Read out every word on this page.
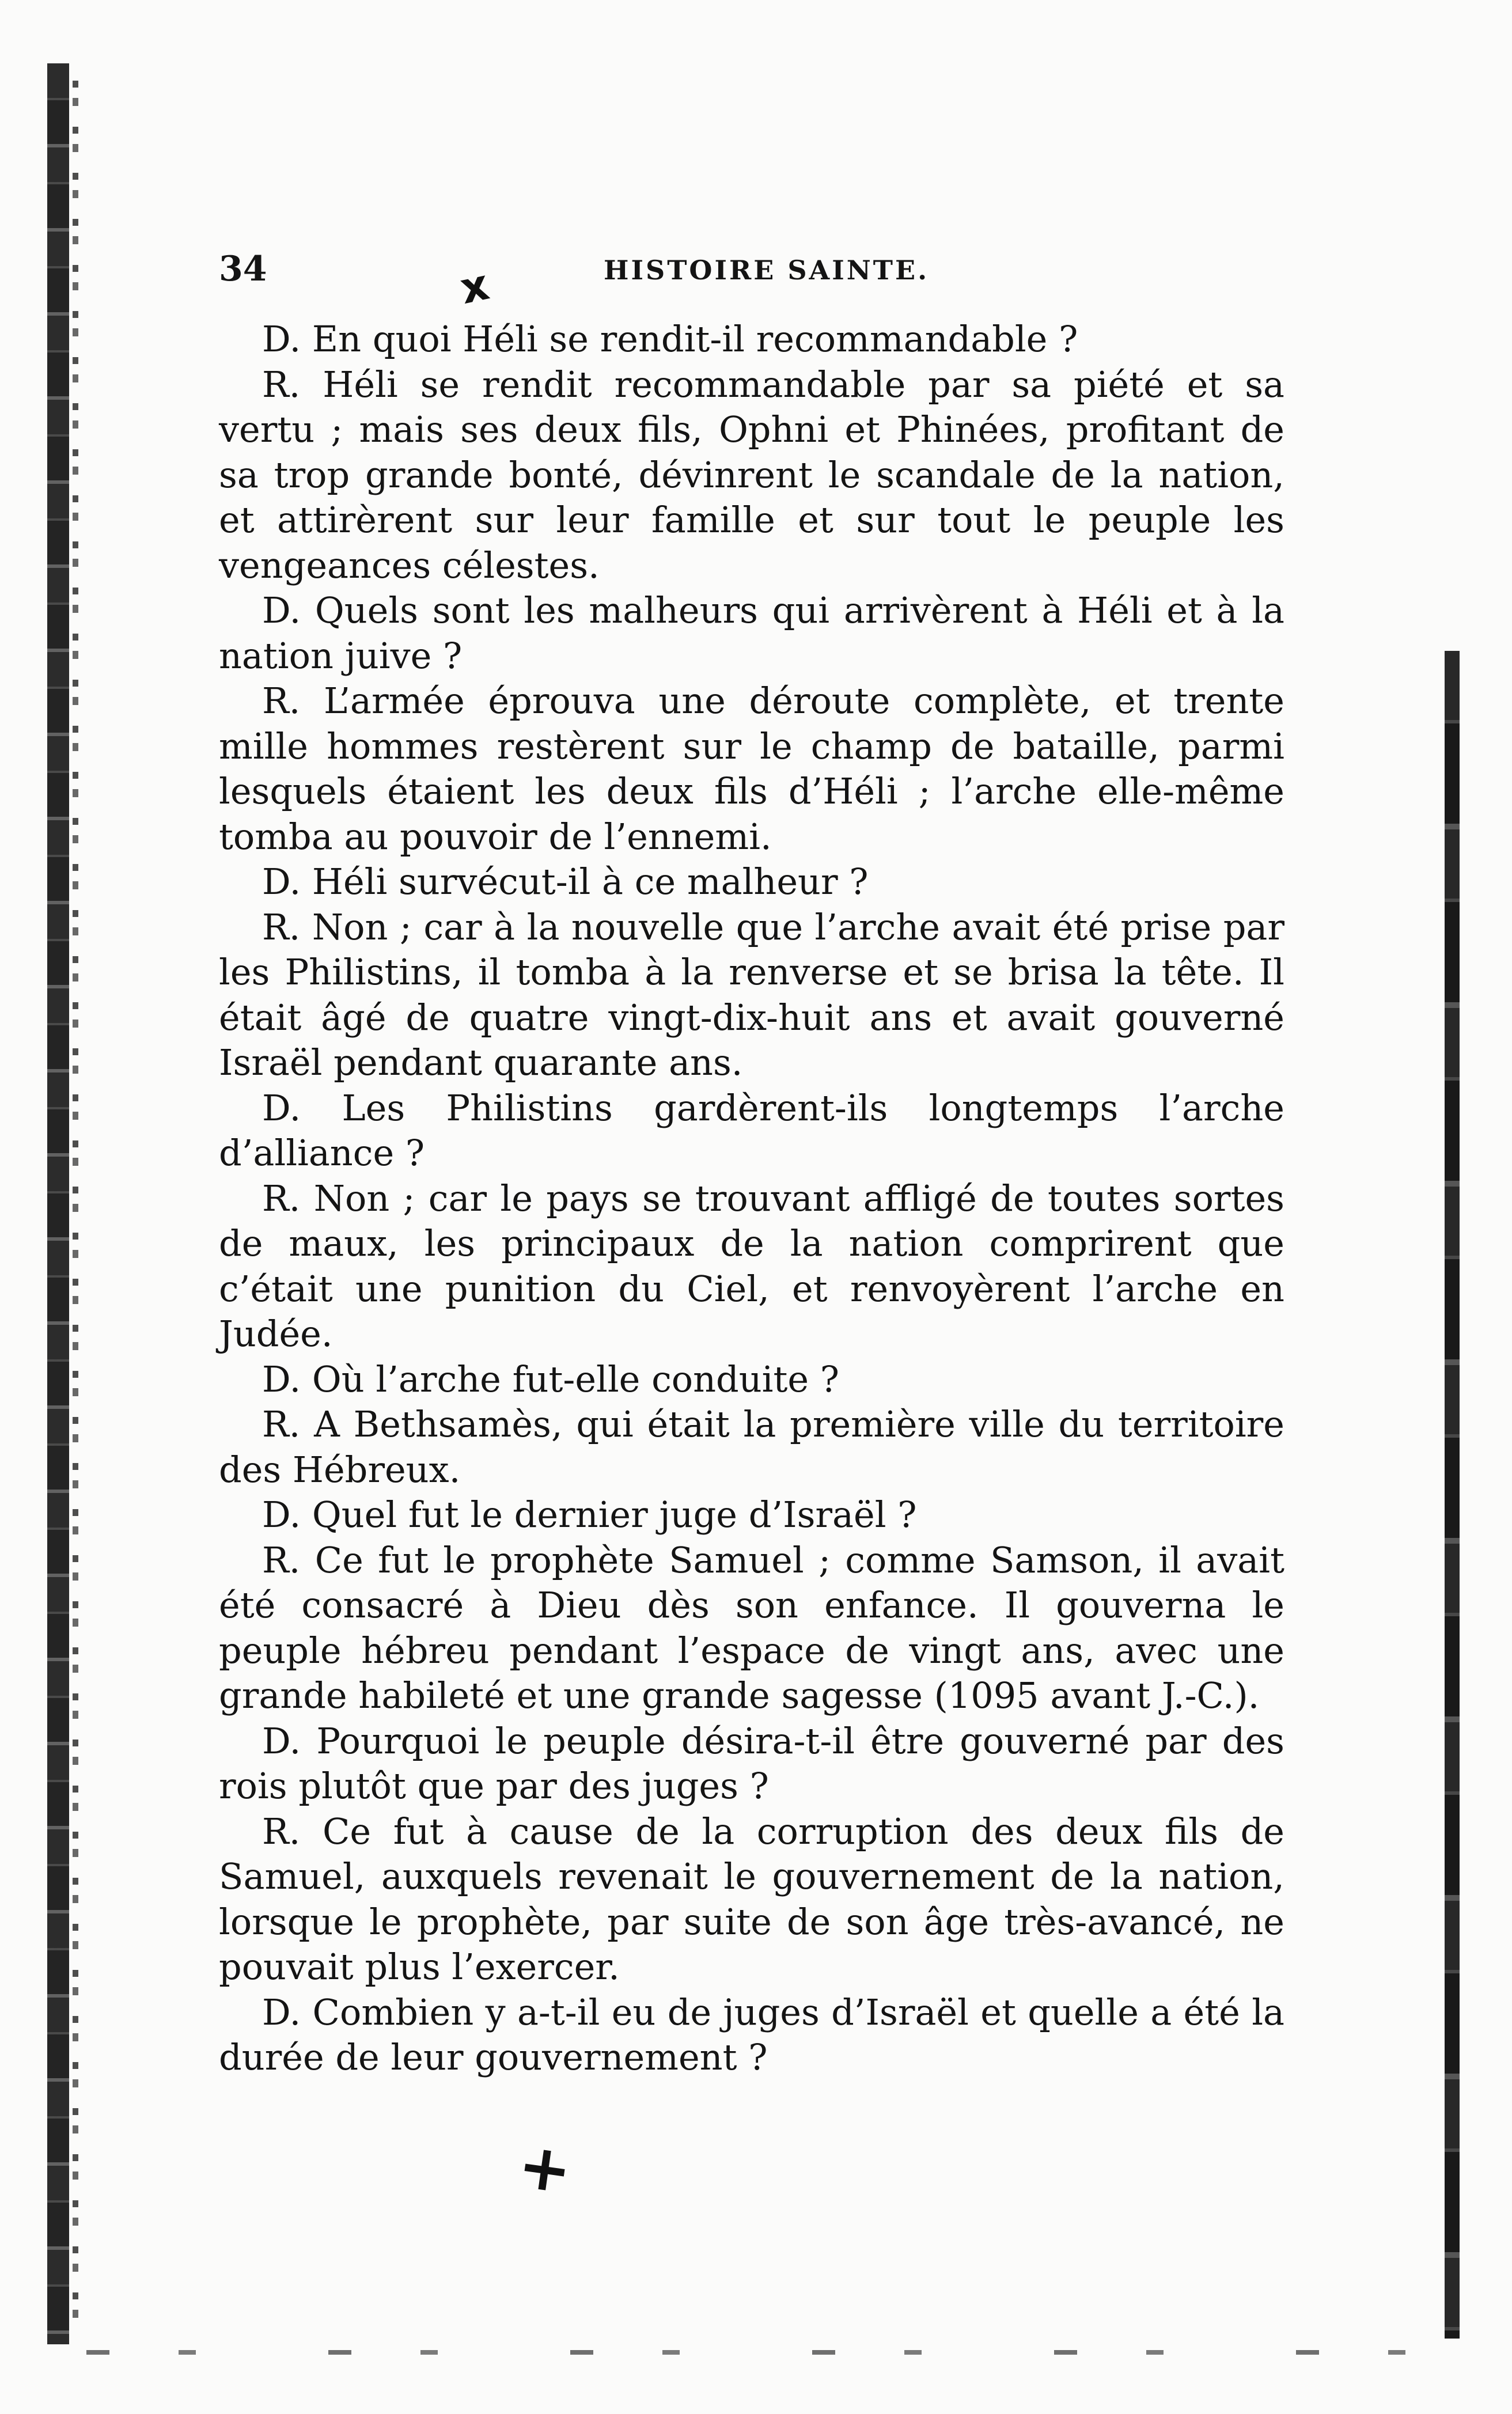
x
34	HISTOIRE SAINTE.

D. En quoi Héli se rendit-il recommandable ?

R. Héli se rendit recommandable par sa piété et sa vertu ; mais ses deux fils, Ophni et Phinées, profitant de sa trop grande bonté, dévinrent le scandale de la nation, et attirèrent sur leur famille et sur tout le peuple les vengeances célestes.

D. Quels sont les malheurs qui arrivèrent à Héli et à la nation juive ?

R. L’armée éprouva une déroute complète, et trente mille hommes restèrent sur le champ de bataille, parmi lesquels étaient les deux fils d’Héli ; l’arche elle-même tomba au pouvoir de l’ennemi.

D. Héli survécut-il à ce malheur ?

R. Non ; car à la nouvelle que l’arche avait été prise par les Philistins, il tomba à la renverse et se brisa la tête. Il était âgé de quatre vingt-dix-huit ans et avait gouverné Israël pendant quarante ans.

D. Les Philistins gardèrent-ils longtemps l’arche d’alliance ?

R. Non ; car le pays se trouvant affligé de toutes sortes de maux, les principaux de la nation comprirent que c’était une punition du Ciel, et renvoyèrent l’arche en Judée.

D. Où l’arche fut-elle conduite ?

R. A Bethsamès, qui était la première ville du territoire des Hébreux.

D. Quel fut le dernier juge d’Israël ?

R. Ce fut le prophète Samuel ; comme Samson, il avait été consacré à Dieu dès son enfance. Il gouverna le peuple hébreu pendant l’espace de vingt ans, avec une grande habileté et une grande sagesse (1095 avant J.-C.).

D. Pourquoi le peuple désira-t-il être gouverné par des rois plutôt que par des juges ?

R. Ce fut à cause de la corruption des deux fils de Samuel, auxquels revenait le gouvernement de la nation, lorsque le prophète, par suite de son âge très-avancé, ne pouvait plus l’exercer.

D. Combien y a-t-il eu de juges d’Israël et quelle a été la durée de leur gouvernement ?

+
